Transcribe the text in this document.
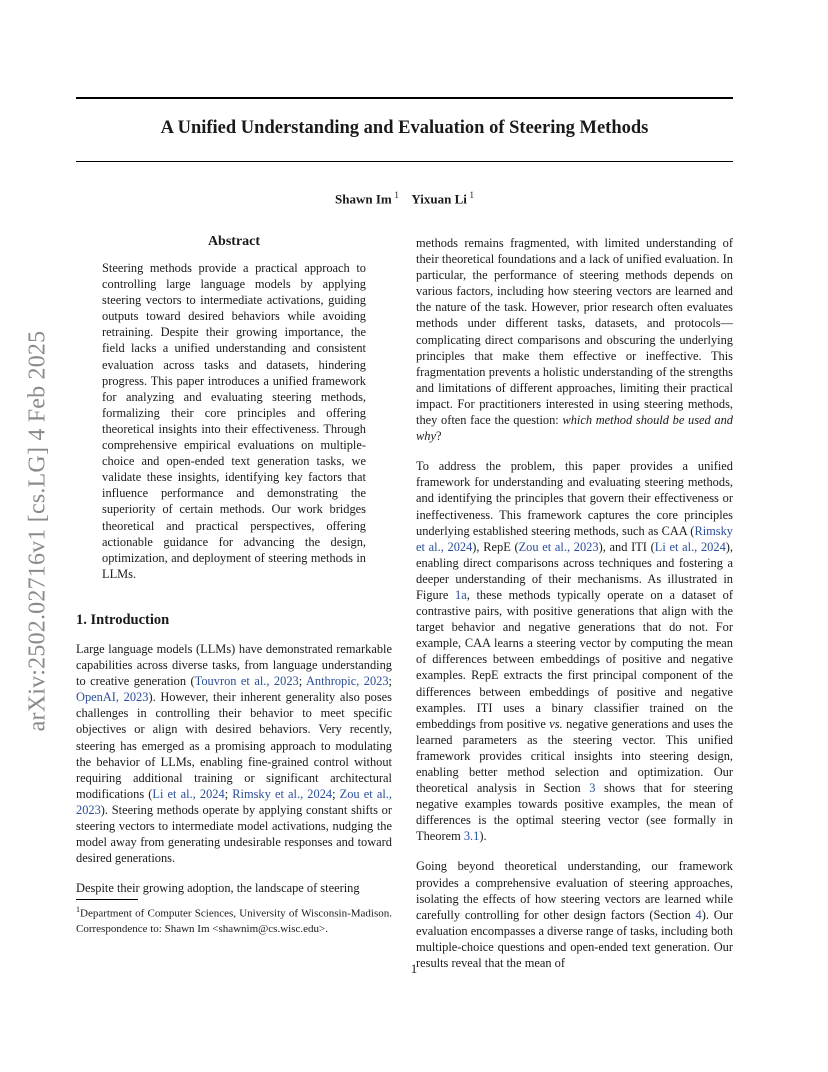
A Unified Understanding and Evaluation of Steering Methods
Shawn Im  $^1$ Yixuan Li  $^1$
arXiv:2502.02716v1 [cs.LG] 4 Feb 2025
Abstract

Steering methods provide a practical approach to controlling large language models by applying steering vectors to intermediate activations, guiding outputs toward desired behaviors while avoiding retraining. Despite their growing importance, the field lacks a unified understanding and consistent evaluation across tasks and datasets, hindering progress. This paper introduces a unified framework for analyzing and evaluating steering methods, formalizing their core principles and offering theoretical insights into their effectiveness. Through comprehensive empirical evaluations on multiple-choice and open-ended text generation tasks, we validate these insights, identifying key factors that influence performance and demonstrating the superiority of certain methods. Our work bridges theoretical and practical perspectives, offering actionable guidance for advancing the design, optimization, and deployment of steering methods in LLMs.

1. Introduction

Large language models (LLMs) have demonstrated remarkable capabilities across diverse tasks, from language understanding to creative generation (Touvron et al., 2023; Anthropic, 2023; OpenAI, 2023). However, their inherent generality also poses challenges in controlling their behavior to meet specific objectives or align with desired behaviors. Very recently, steering has emerged as a promising approach to modulating the behavior of LLMs, enabling fine-grained control without requiring additional training or significant architectural modifications (Li et al., 2024; Rimsky et al., 2024; Zou et al., 2023). Steering methods operate by applying constant shifts or steering vectors to intermediate model activations, nudging the model away from generating undesirable responses and toward desired generations.

Despite their growing adoption, the landscape of steering

$^1$Department of Computer Sciences, University of Wisconsin-Madison. Correspondence to: Shawn Im <shawnim@cs.wisc.edu>.

methods remains fragmented, with limited understanding of their theoretical foundations and a lack of unified evaluation. In particular, the performance of steering methods depends on various factors, including how steering vectors are learned and the nature of the task. However, prior research often evaluates methods under different tasks, datasets, and protocols—complicating direct comparisons and obscuring the underlying principles that make them effective or ineffective. This fragmentation prevents a holistic understanding of the strengths and limitations of different approaches, limiting their practical impact. For practitioners interested in using steering methods, they often face the question: which method should be used and why?

To address the problem, this paper provides a unified framework for understanding and evaluating steering methods, and identifying the principles that govern their effectiveness or ineffectiveness. This framework captures the core principles underlying established steering methods, such as CAA (Rimsky et al., 2024), RepE (Zou et al., 2023), and ITI (Li et al., 2024), enabling direct comparisons across techniques and fostering a deeper understanding of their mechanisms. As illustrated in Figure 1a, these methods typically operate on a dataset of contrastive pairs, with positive generations that align with the target behavior and negative generations that do not. For example, CAA learns a steering vector by computing the mean of differences between embeddings of positive and negative examples. RepE extracts the first principal component of the differences between embeddings of positive and negative examples. ITI uses a binary classifier trained on the embeddings from positive vs. negative generations and uses the learned parameters as the steering vector. This unified framework provides critical insights into steering design, enabling better method selection and optimization. Our theoretical analysis in Section 3 shows that for steering negative examples towards positive examples, the mean of differences is the optimal steering vector (see formally in Theorem 3.1).

Going beyond theoretical understanding, our framework provides a comprehensive evaluation of steering approaches, isolating the effects of how steering vectors are learned while carefully controlling for other design factors (Section 4). Our evaluation encompasses a diverse range of tasks, including both multiple-choice questions and open-ended text generation. Our results reveal that the mean of

1
